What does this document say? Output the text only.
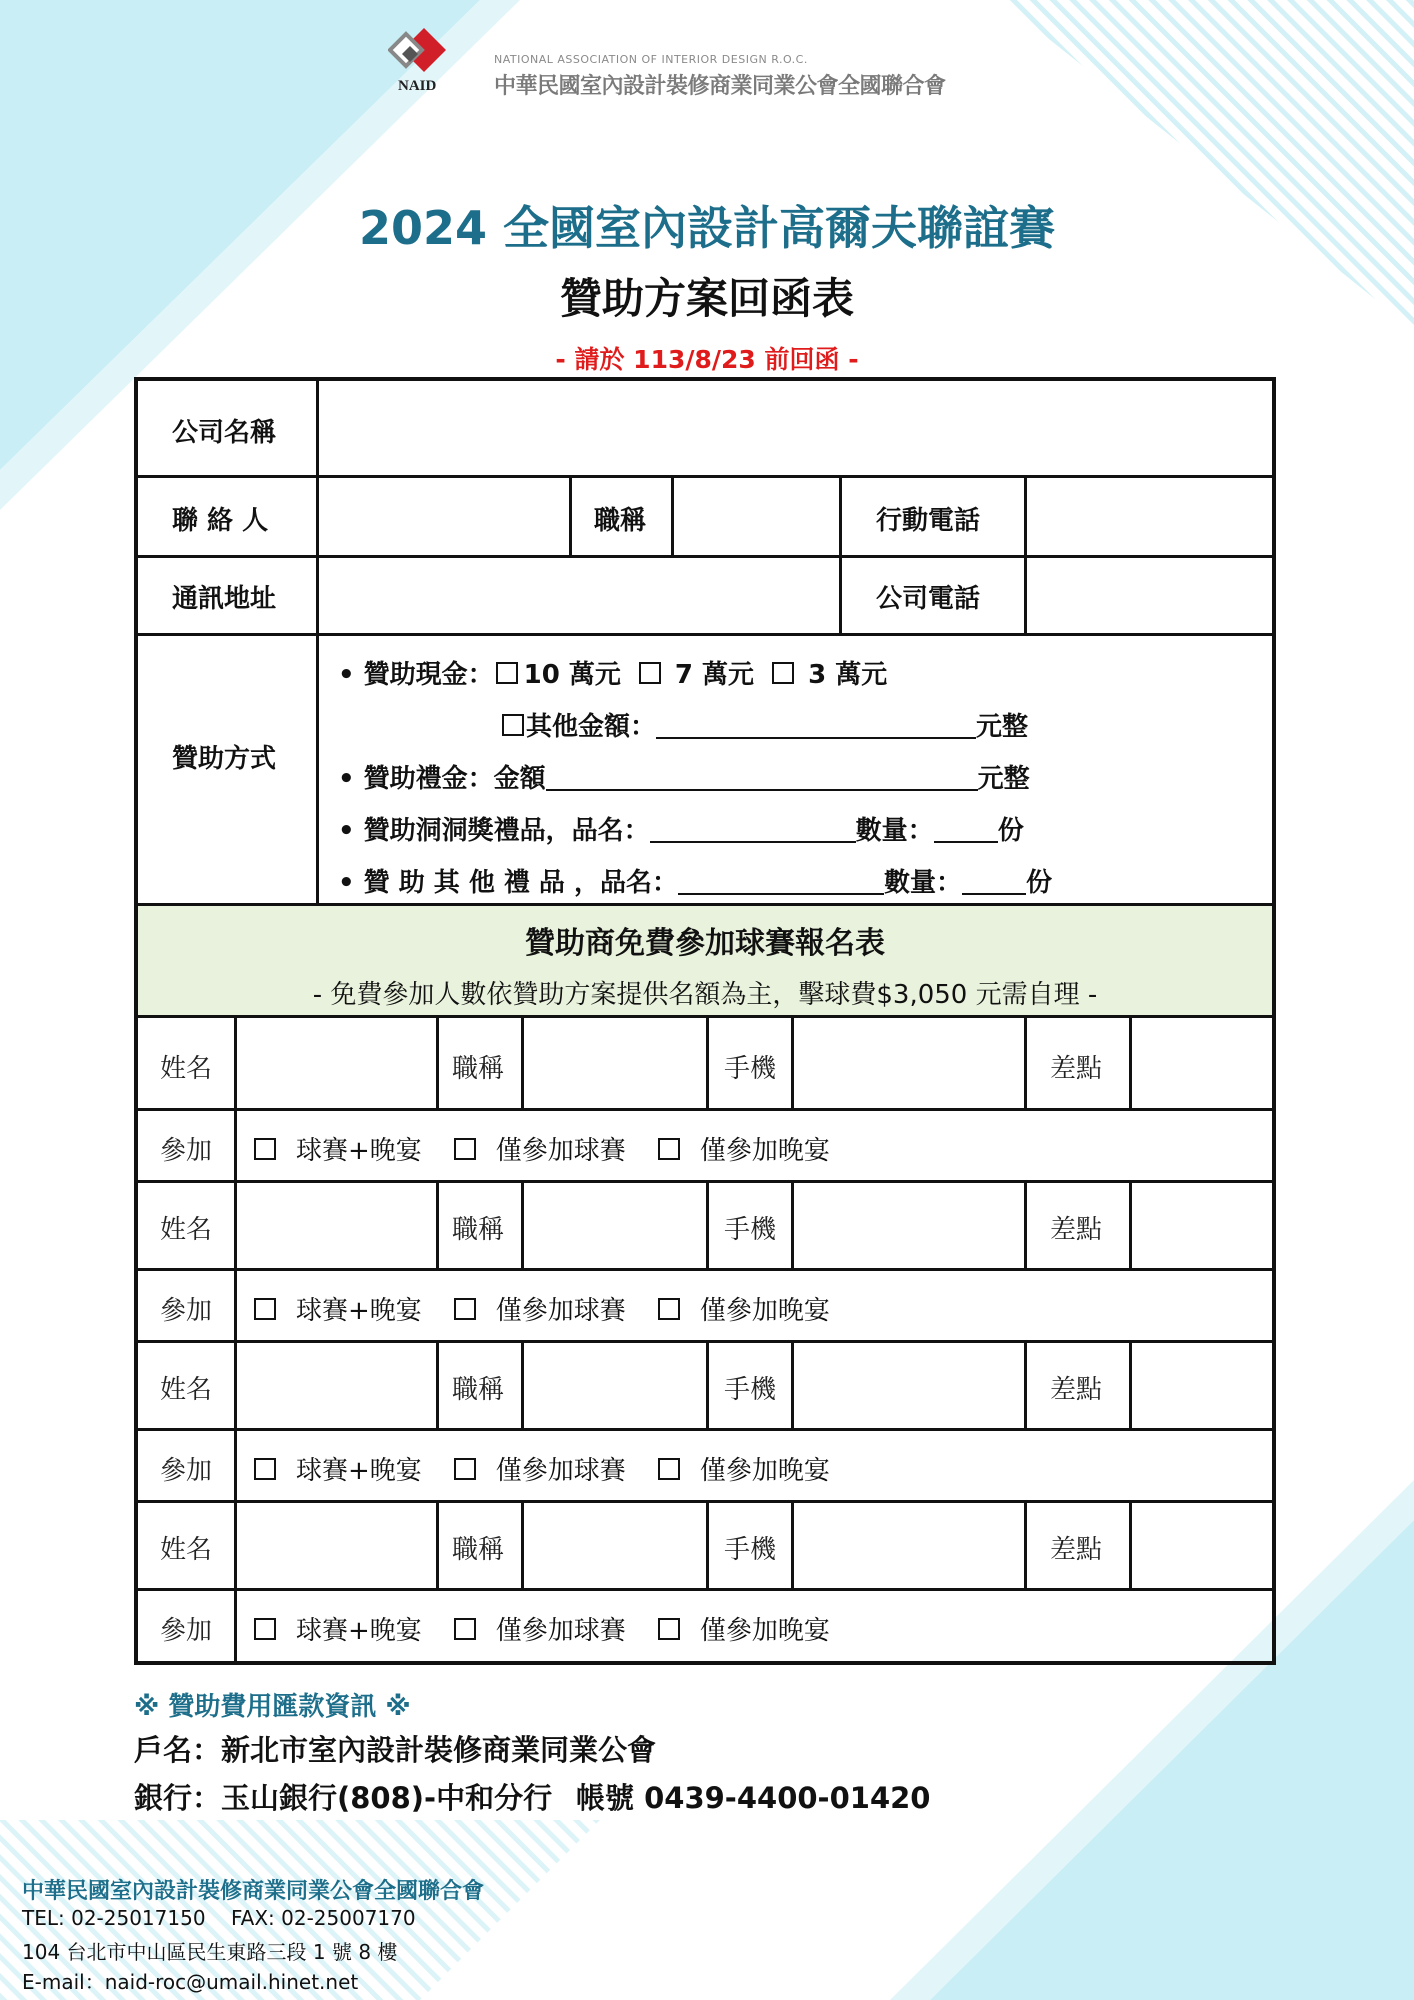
NAID
NATIONAL ASSOCIATION OF INTERIOR DESIGN R.O.C.
中華民國室內設計裝修商業同業公會全國聯合會
2024 全國室內設計高爾夫聯誼賽
贊助方案回函表
- 請於 113/8/23 前回函 -
公司名稱
聯 絡 人	職稱	行動電話
通訊地址	公司電話
贊助方式
• 贊助現金： 10 萬元 7 萬元 3 萬元
其他金額：	元整
• 贊助禮金：金額	元整
• 贊助洞洞獎禮品，品名：	數量： 份
• 贊 助 其 他 禮 品 ，品名：	數量： 份
贊助商免費參加球賽報名表
- 免費參加人數依贊助方案提供名額為主，擊球費$3,050 元需自理 -
姓名	職稱	手機	差點
參加	球賽+晚宴	僅參加球賽	僅參加晚宴
姓名	職稱	手機	差點
參加	球賽+晚宴	僅參加球賽	僅參加晚宴
姓名	職稱	手機	差點
參加	球賽+晚宴	僅參加球賽	僅參加晚宴
姓名	職稱	手機	差點
參加	球賽+晚宴	僅參加球賽	僅參加晚宴
※ 贊助費用匯款資訊 ※
戶名：新北市室內設計裝修商業同業公會
銀行：玉山銀行(808)-中和分行 帳號 0439-4400-01420
中華民國室內設計裝修商業同業公會全國聯合會
TEL: 02-25017150    FAX: 02-25007170
104 台北市中山區民生東路三段 1 號 8 樓
E-mail：naid-roc@umail.hinet.net
